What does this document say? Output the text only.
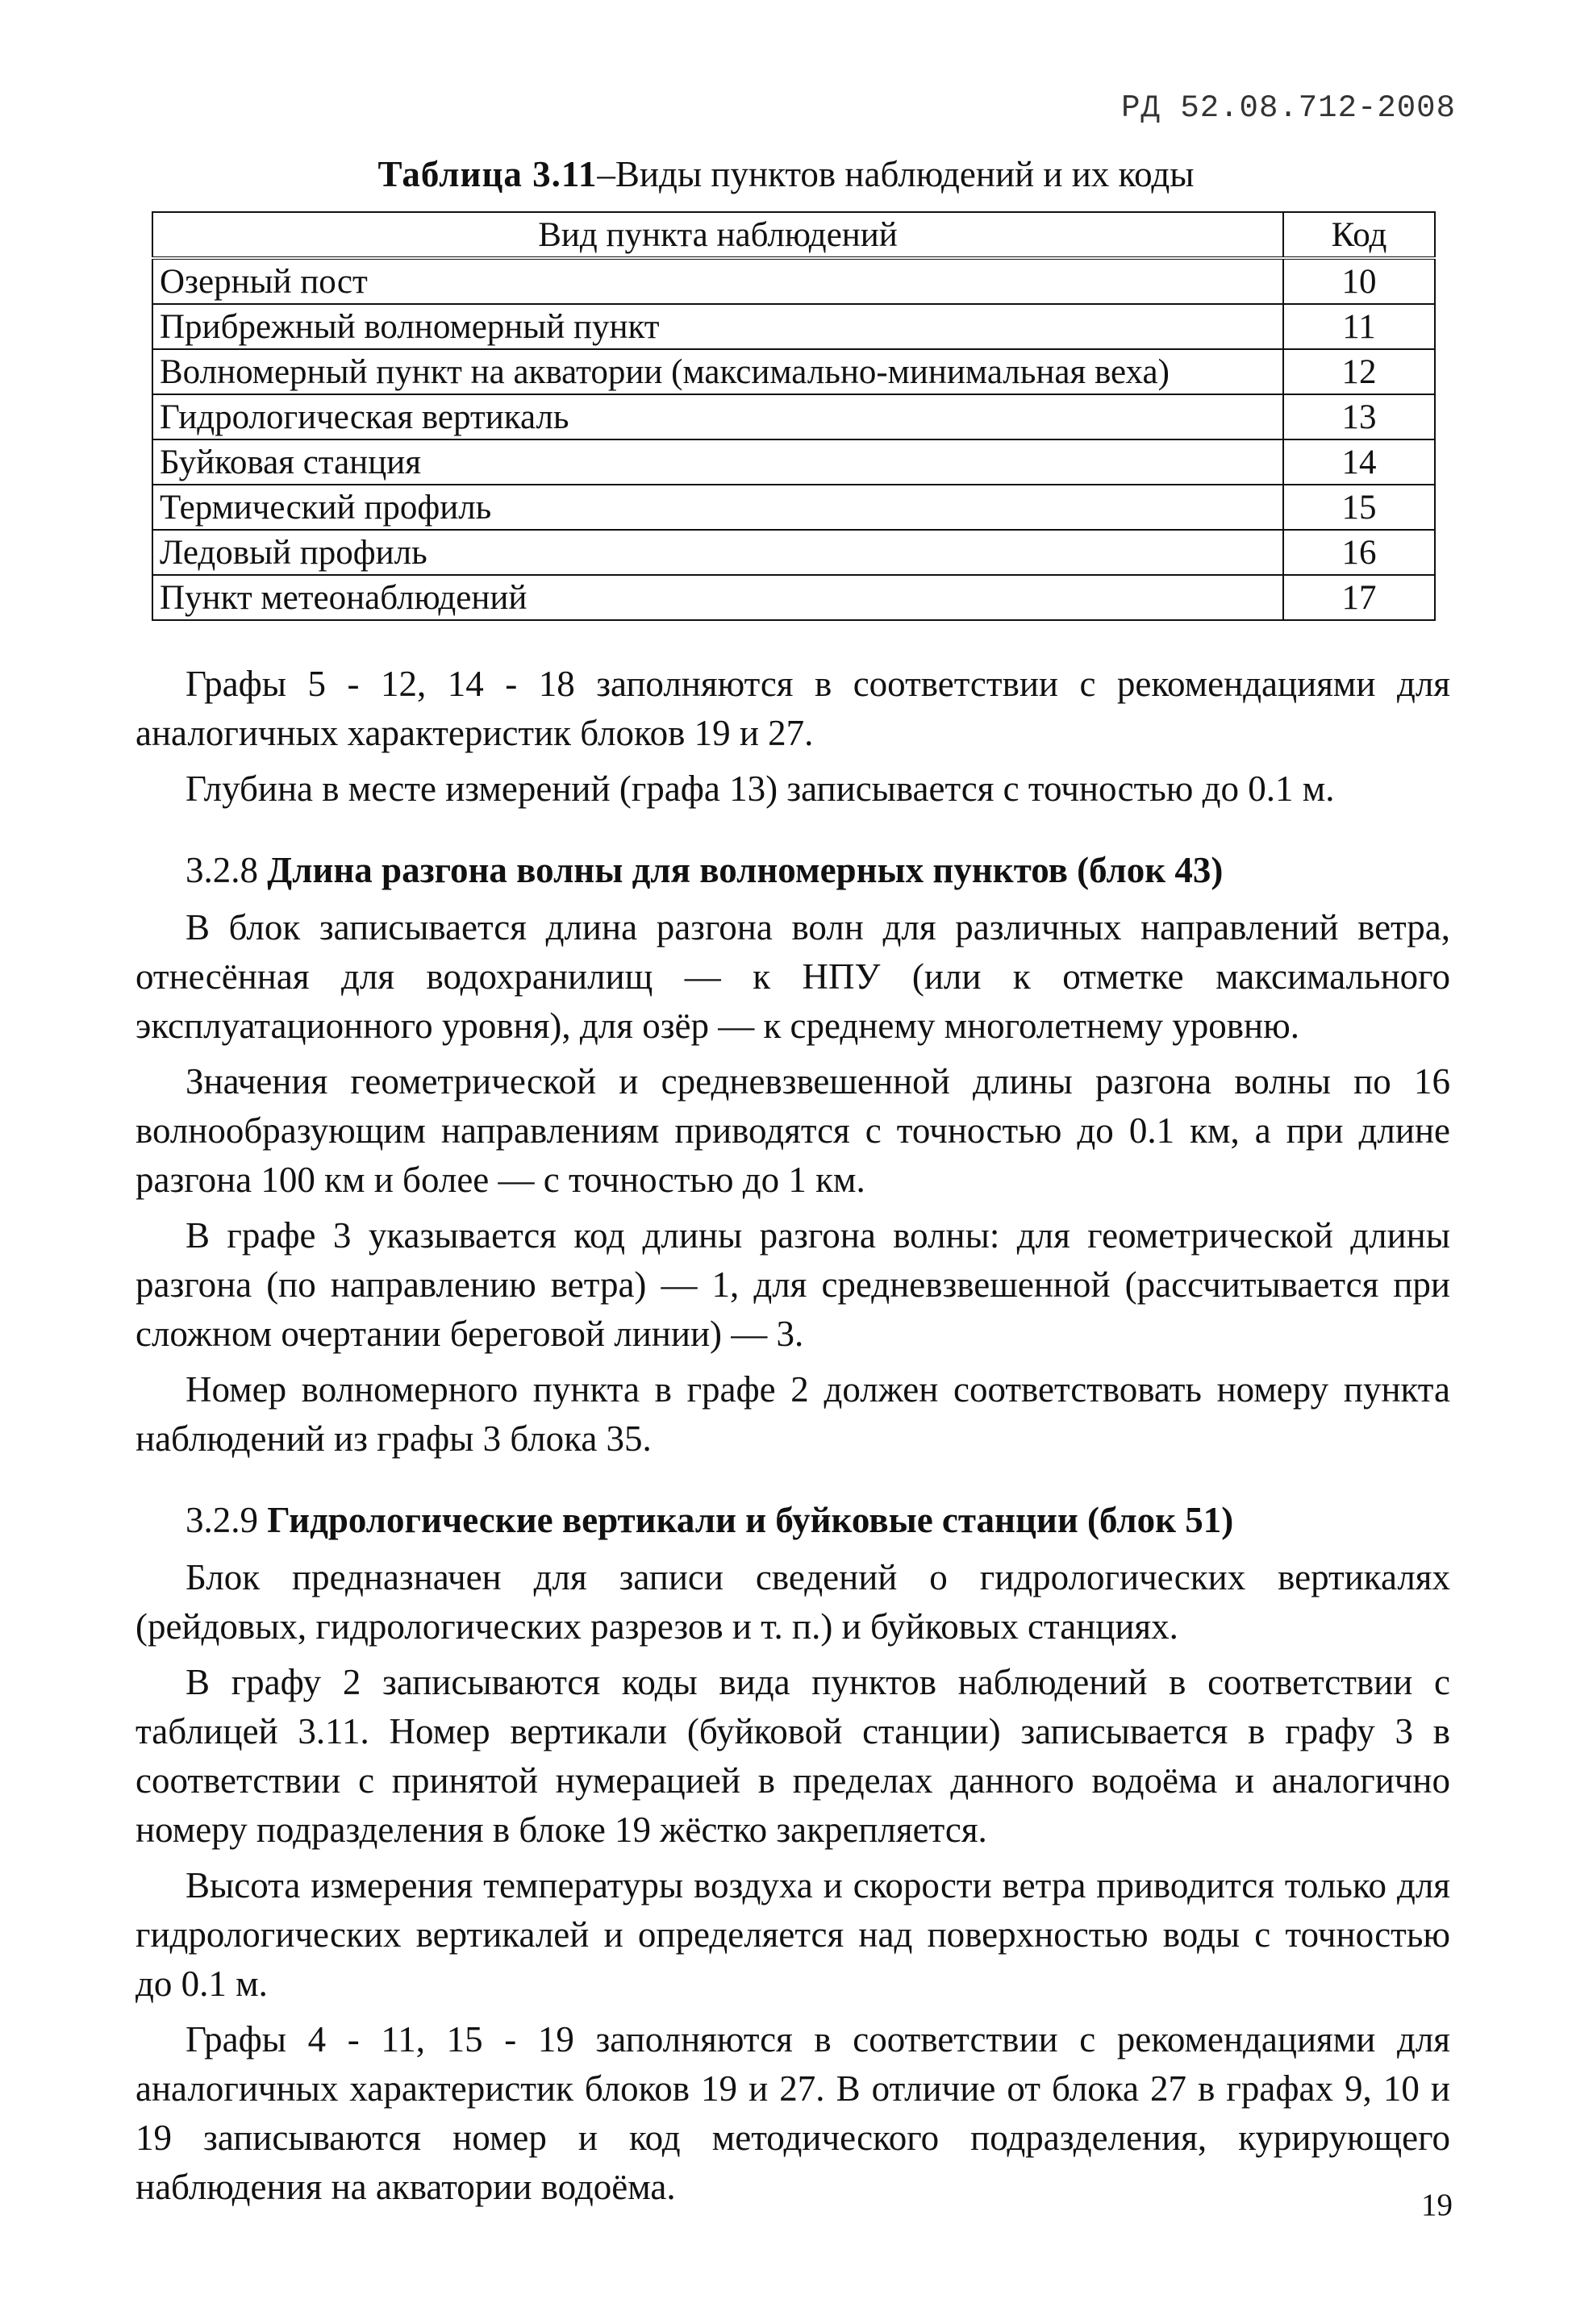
РД 52.08.712-2008
Таблица 3.11–Виды пунктов наблюдений и их коды
Вид пункта наблюдений	Код
Озерный пост	10
Прибрежный волномерный пункт	11
Волномерный пункт на акватории (максимально-минимальная веха)	12
Гидрологическая вертикаль	13
Буйковая станция	14
Термический профиль	15
Ледовый профиль	16
Пункт метеонаблюдений	17

Графы 5 - 12, 14 - 18 заполняются в соответствии с рекомендациями для аналогичных характеристик блоков 19 и 27.

Глубина в месте измерений (графа 13) записывается с точностью до 0.1 м.

3.2.8 Длина разгона волны для волномерных пунктов (блок 43)

В блок записывается длина разгона волн для различных направлений ветра, отнесённая для водохранилищ — к НПУ (или к отметке максимального эксплуатационного уровня), для озёр — к среднему многолетнему уровню.

Значения геометрической и средневзвешенной длины разгона волны по 16 волнообразующим направлениям приводятся с точностью до 0.1 км, а при длине разгона 100 км и более — с точностью до 1 км.

В графе 3 указывается код длины разгона волны: для геометрической длины разгона (по направлению ветра) — 1, для средневзвешенной (рассчитывается при сложном очертании береговой линии) — 3.

Номер волномерного пункта в графе 2 должен соответствовать номеру пункта наблюдений из графы 3 блока 35.

3.2.9 Гидрологические вертикали и буйковые станции (блок 51)

Блок предназначен для записи сведений о гидрологических вертикалях (рейдовых, гидрологических разрезов и т. п.) и буйковых станциях.

В графу 2 записываются коды вида пунктов наблюдений в соответствии с таблицей 3.11. Номер вертикали (буйковой станции) записывается в графу 3 в соответствии с принятой нумерацией в пределах данного водоёма и аналогично номеру подразделения в блоке 19 жёстко закрепляется.

Высота измерения температуры воздуха и скорости ветра приводится только для гидрологических вертикалей и определяется над поверхностью воды с точностью до 0.1 м.

Графы 4 - 11, 15 - 19 заполняются в соответствии с рекомендациями для аналогичных характеристик блоков 19 и 27. В отличие от блока 27 в графах 9, 10 и 19 записываются номер и код методического подразделения, курирующего наблюдения на акватории водоёма.	19
